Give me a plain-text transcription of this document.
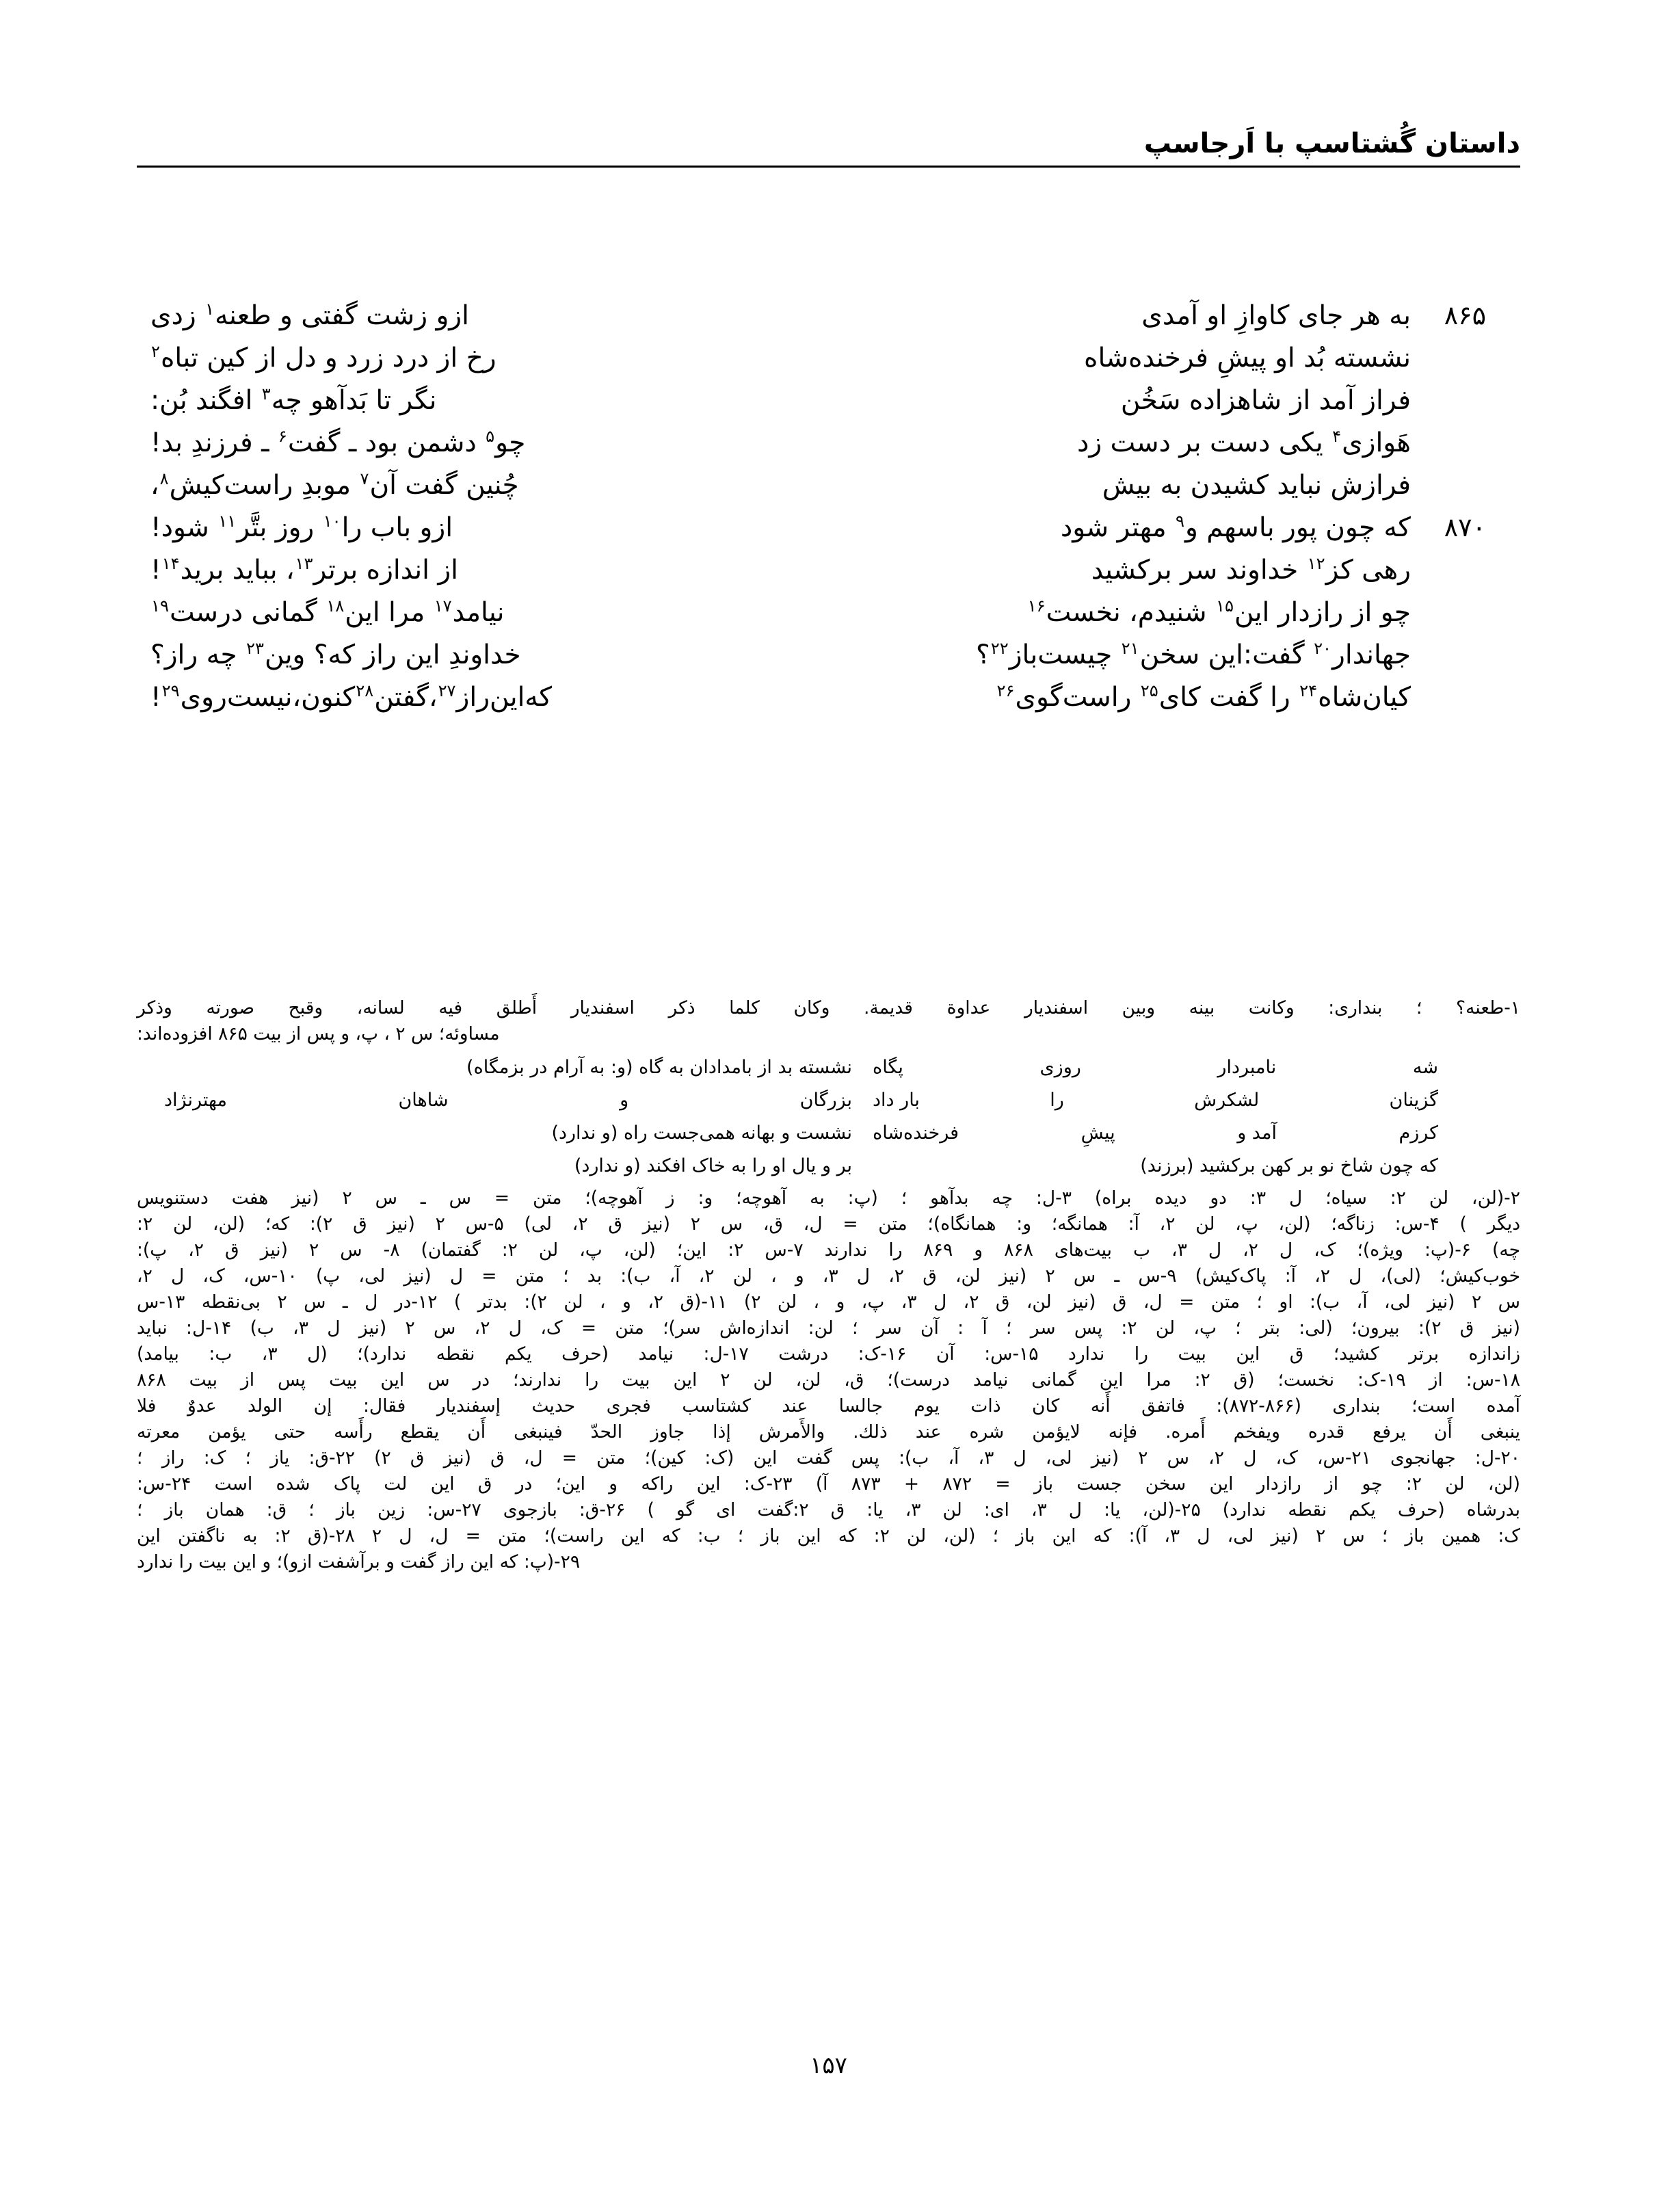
داستان گُشتاسپ با اَرجاسپ
۸۶۵
به هر جای کاوازِ او آمدی
ازو زشت گفتی و طعنه$^۱$ زدی
نشسته بُد او پیشِ فرخنده‌شاه
رخ از درد زرد و دل از کین تباه$^۲$
فراز آمد از شاهزاده سَخُن
نگر تا بَدآهو چه$^۳$ افگند بُن:
هَوازی$^۴$ یکی دست بر دست زد
چو$^۵$ دشمن بود ـ گفت$^۶$ ـ فرزندِ بد!
فرازش نباید کشیدن به بیش
چُنین گفت آن$^۷$ موبدِ راست‌کیش$^۸$،
۸۷۰
که چون پور باسهم و$^۹$ مهتر شود
ازو باب را$^{۱۰}$ روز بتَّر$^{۱۱}$ شود!
رهی کز$^{۱۲}$ خداوند سر برکشید
از اندازه برتر$^{۱۳}$، بباید برید$^{۱۴}$!
چو از رازدار این$^{۱۵}$ شنیدم، نخست$^{۱۶}$
نیامد$^{۱۷}$ مرا این$^{۱۸}$ گمانی درست$^{۱۹}$
جهاندار$^{۲۰}$ گفت:این سخن$^{۲۱}$ چیست‌باز$^{۲۲}$؟
خداوندِ این راز که؟ وین$^{۲۳}$ چه راز؟
کیان‌شاه$^{۲۴}$ را گفت کای$^{۲۵}$ راست‌گوی$^{۲۶}$
که‌این‌راز$^{۲۷}$،گفتن$^{۲۸}$کنون،نیست‌روی$^{۲۹}$!
۱-طعنه؟ ؛ بنداری: وكانت بينه وبين اسفنديار عداوة قديمة. وكان كلما ذكر اسفنديار أَطلق فيه لسانه، وقبح صورته وذكر
مساوئه؛ س ۲ ، پ، و پس از بیت ۸۶۵ افزوده‌اند:
شه
نامبردار
روزی
پگاه
نشسته بد از بامدادان به گاه (و: به آرام در بزمگاه)
گزینان
لشکرش
را
بار داد
بزرگان
و
شاهان
مهترنژاد
کرزم
آمد و
پیشِ
فرخنده‌شاه
نشست و بهانه همی‌جست راه (و ندارد)
که چون شاخ نو بر کهن برکشید (برزند)
بر و یال او را به خاک افکند (و ندارد)
۲-(لن، لن ۲: سیاه؛ ل ۳: دو دیده براه) ۳-ل: چه بدآهو ؛ (پ: به آهوچه؛ و: ز آهوچه)؛ متن = س ـ س ۲ (نیز هفت دستنویس
دیگر ) ۴-س: زناگه؛ (لن، پ، لن ۲، آ: همانگه؛ و: همانگاه)؛ متن = ل، ق، س ۲ (نیز ق ۲، لی) ۵-س ۲ (نیز ق ۲): که؛ (لن، لن ۲:
چه) ۶-(پ: ویژه)؛ ک، ل ۲، ل ۳، ب بیت‌های ۸۶۸ و ۸۶۹ را ندارند ۷-س ۲: این؛ (لن، پ، لن ۲: گفتمان) ۸- س ۲ (نیز ق ۲، پ):
خوب‌کیش؛ (لی)، ل ۲، آ: پاک‌کیش) ۹-س ـ س ۲ (نیز لن، ق ۲، ل ۳، و ، لن ۲، آ، ب): بد ؛ متن = ل (نیز لی، پ) ۱۰-س، ک، ل ۲،
س ۲ (نیز لی، آ، ب): او ؛ متن = ل، ق (نیز لن، ق ۲، ل ۳، پ، و ، لن ۲) ۱۱-(ق ۲، و ، لن ۲): بدتر ) ۱۲-در ل ـ س ۲ بی‌نقطه ۱۳-س
(نیز ق ۲): بیرون؛ (لی: بتر ؛ پ، لن ۲: پس سر ؛ آ : آن سر ؛ لن: اندازه‌اش سر)؛ متن = ک، ل ۲، س ۲ (نیز ل ۳، ب) ۱۴-ل: نباید
زاندازه برتر کشید؛ ق این بیت را ندارد ۱۵-س: آن ۱۶-ک: درشت ۱۷-ل: نیامد (حرف یکم نقطه ندارد)؛ (ل ۳، ب: بیامد)
۱۸-س: از ۱۹-ک: نخست؛ (ق ۲: مرا این گمانی نیامد درست)؛ ق، لن، لن ۲ این بیت را ندارند؛ در س این بیت پس از بیت ۸۶۸
آمده است؛ بنداری (۸۶۶-۸۷۲): فاتفق أَنه كان ذات يوم جالسا عند كشتاسب فجری حديث إسفنديار فقال: إن الولد عدوٌ فلا
ينبغی أَن يرفع قدره ويفخم أَمره. فإنه لايؤمن شره عند ذلك. والأَمرش إذا جاوز الحدّ فينبغی أَن يقطع رأَسه حتی يؤمن معرته
۲۰-ل: جهانجوی ۲۱-س، ک، ل ۲، س ۲ (نیز لی، ل ۳، آ، ب): پس گفت این (ک: کین)؛ متن = ل، ق (نیز ق ۲) ۲۲-ق: یاز ؛ ک: راز ؛
(لن، لن ۲: چو از رازدار این سخن جست باز = ۸۷۲ + ۸۷۳ آ) ۲۳-ک: این راکه و این؛ در ق این لت پاک شده است ۲۴-س:
بدرشاه (حرف یکم نقطه ندارد) ۲۵-(لن، یا: ل ۳، ای: لن ۳، یا: ق ۲:گفت ای گو ) ۲۶-ق: بازجوی ۲۷-س: زین باز ؛ ق: همان باز ؛
ک: همین باز ؛ س ۲ (نیز لی، ل ۳، آ): که این باز ؛ (لن، لن ۲: که این باز ؛ ب: که این راست)؛ متن = ل، ل ۲ ۲۸-(ق ۲: به ناگفتن این
۲۹-(پ: که این راز گفت و برآشفت ازو)؛ و این بیت را ندارد
۱۵۷
